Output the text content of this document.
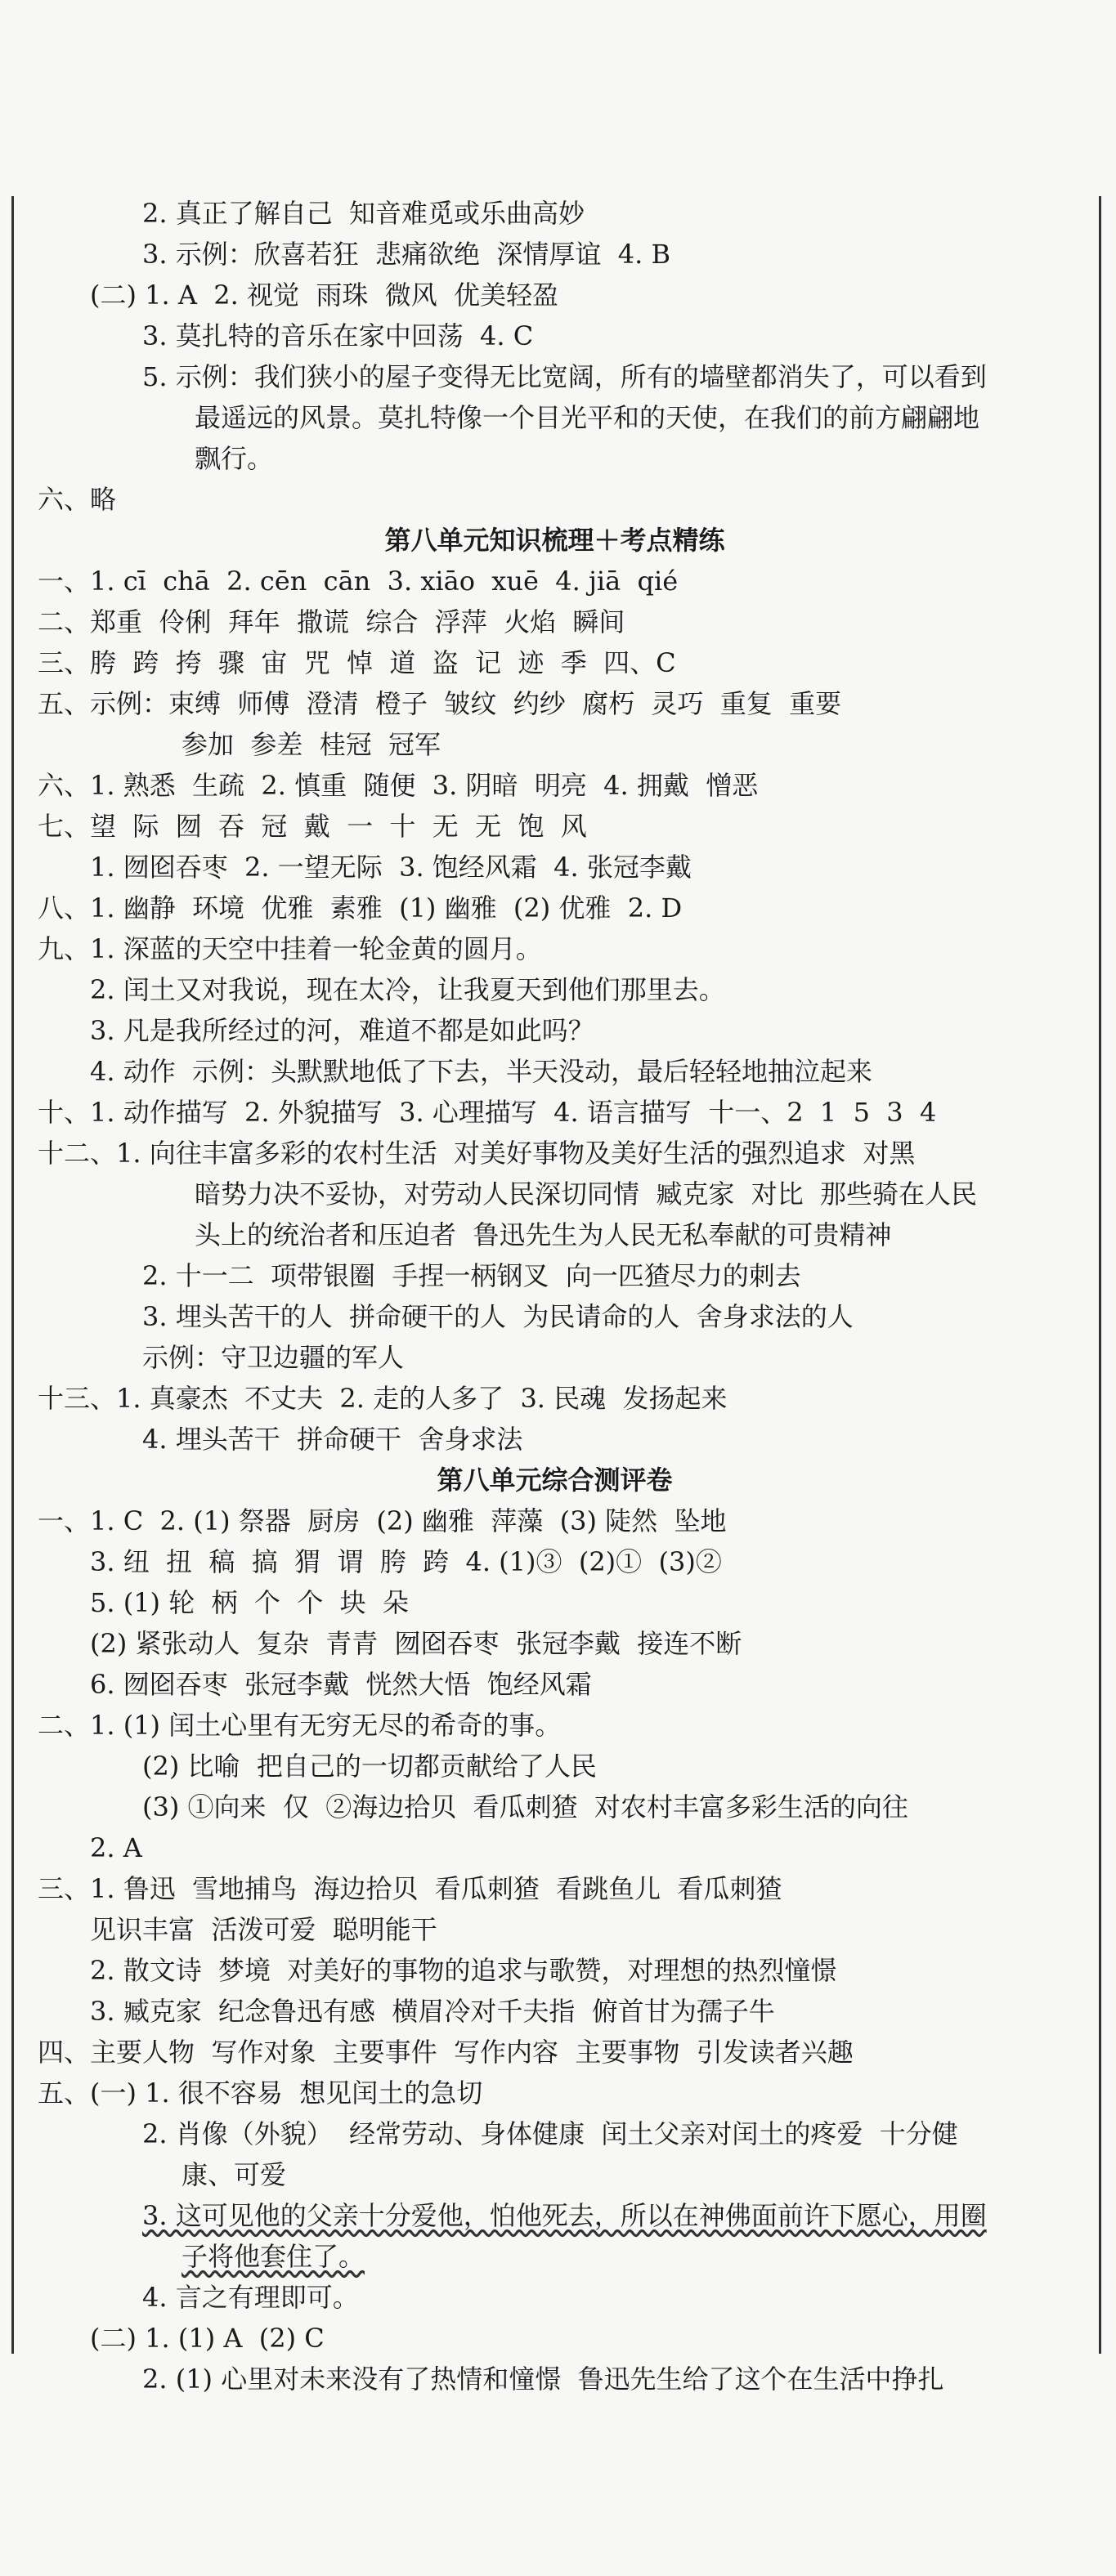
2. 真正了解自己  知音难觅或乐曲高妙
3. 示例：欣喜若狂  悲痛欲绝  深情厚谊  4. B
(二) 1. A  2. 视觉  雨珠  微风  优美轻盈
3. 莫扎特的音乐在家中回荡  4. C
5. 示例：我们狭小的屋子变得无比宽阔，所有的墙壁都消失了，可以看到
最遥远的风景。莫扎特像一个目光平和的天使，在我们的前方翩翩地
飘行。
六、略
第八单元知识梳理＋考点精练
一、1. cī  chā  2. cēn  cān  3. xiāo  xuē  4. jiā  qié
二、郑重  伶俐  拜年  撒谎  综合  浮萍  火焰  瞬间
三、胯  跨  挎  骤  宙  咒  悼  道  盗  记  迹  季  四、C
五、示例：束缚  师傅  澄清  橙子  皱纹  约纱  腐朽  灵巧  重复  重要
参加  参差  桂冠  冠军
六、1. 熟悉  生疏  2. 慎重  随便  3. 阴暗  明亮  4. 拥戴  憎恶
七、望  际  囫  吞  冠  戴  一  十  无  无  饱  风
1. 囫囵吞枣  2. 一望无际  3. 饱经风霜  4. 张冠李戴
八、1. 幽静  环境  优雅  素雅  (1) 幽雅  (2) 优雅  2. D
九、1. 深蓝的天空中挂着一轮金黄的圆月。
2. 闰土又对我说，现在太冷，让我夏天到他们那里去。
3. 凡是我所经过的河，难道不都是如此吗？
4. 动作  示例：头默默地低了下去，半天没动，最后轻轻地抽泣起来
十、1. 动作描写  2. 外貌描写  3. 心理描写  4. 语言描写  十一、2  1  5  3  4
十二、1. 向往丰富多彩的农村生活  对美好事物及美好生活的强烈追求  对黑
暗势力决不妥协，对劳动人民深切同情  臧克家  对比  那些骑在人民
头上的统治者和压迫者  鲁迅先生为人民无私奉献的可贵精神
2. 十一二  项带银圈  手捏一柄钢叉  向一匹猹尽力的刺去
3. 埋头苦干的人  拼命硬干的人  为民请命的人  舍身求法的人
示例：守卫边疆的军人
十三、1. 真豪杰  不丈夫  2. 走的人多了  3. 民魂  发扬起来
4. 埋头苦干  拼命硬干  舍身求法
第八单元综合测评卷
一、1. C  2. (1) 祭器  厨房  (2) 幽雅  萍藻  (3) 陡然  坠地
3. 纽  扭  稿  搞  猬  谓  胯  跨  4. (1)③  (2)①  (3)②
5. (1) 轮  柄  个  个  块  朵
(2) 紧张动人  复杂  青青  囫囵吞枣  张冠李戴  接连不断
6. 囫囵吞枣  张冠李戴  恍然大悟  饱经风霜
二、1. (1) 闰土心里有无穷无尽的希奇的事。
(2) 比喻  把自己的一切都贡献给了人民
(3) ①向来  仅  ②海边拾贝  看瓜刺猹  对农村丰富多彩生活的向往
2. A
三、1. 鲁迅  雪地捕鸟  海边拾贝  看瓜刺猹  看跳鱼儿  看瓜刺猹
见识丰富  活泼可爱  聪明能干
2. 散文诗  梦境  对美好的事物的追求与歌赞，对理想的热烈憧憬
3. 臧克家  纪念鲁迅有感  横眉冷对千夫指  俯首甘为孺子牛
四、主要人物  写作对象  主要事件  写作内容  主要事物  引发读者兴趣
五、(一) 1. 很不容易  想见闰土的急切
2. 肖像（外貌）  经常劳动、身体健康  闰土父亲对闰土的疼爱  十分健
康、可爱
3. 这可见他的父亲十分爱他，怕他死去，所以在神佛面前许下愿心，用圈
子将他套住了。
4. 言之有理即可。
(二) 1. (1) A  (2) C
2. (1) 心里对未来没有了热情和憧憬  鲁迅先生给了这个在生活中挣扎
